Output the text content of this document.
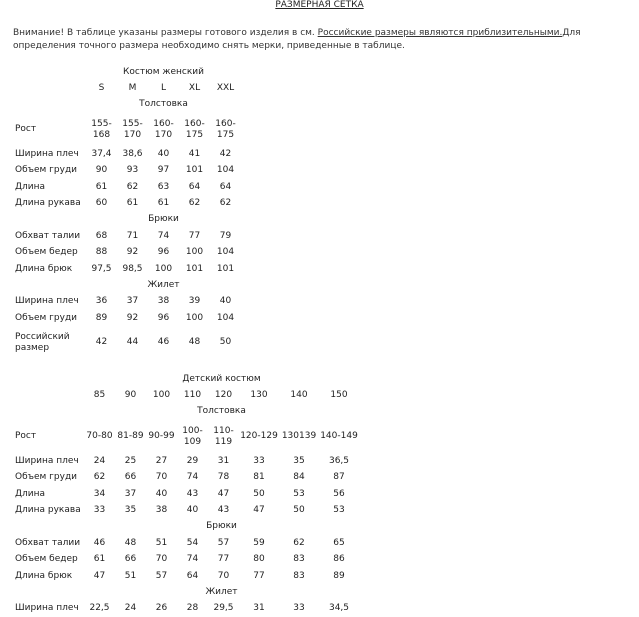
РАЗМЕРНАЯ СЕТКА
Внимание! В таблице указаны размеры готового изделия в см. Российские размеры являются приблизительными.Для определения точного размера необходимо снять мерки, приведенные в таблице.
	Костюм женский				
	S	M	L	XL	XXL
	Толстовка				
Рост	155-168	155-170	160-170	160-175	160-175
Ширина плеч	37,4	38,6	40	41	42
Объем груди	90	93	97	101	104
Длина	61	62	63	64	64
Длина рукава	60	61	61	62	62
	Брюки				
Обхват талии	68	71	74	77	79
Объем бедер	88	92	96	100	104
Длина брюк	97,5	98,5	100	101	101
	Жилет				
Ширина плеч	36	37	38	39	40
Объем груди	89	92	96	100	104
Российский размер	42	44	46	48	50
	Детский костюм							
	85	90	100	110	120	130	140	150
	Толстовка							
Рост	70-80	81-89	90-99	100-109	110-119	120-129	130139	140-149
Ширина плеч	24	25	27	29	31	33	35	36,5
Объем груди	62	66	70	74	78	81	84	87
Длина	34	37	40	43	47	50	53	56
Длина рукава	33	35	38	40	43	47	50	53
	Брюки							
Обхват талии	46	48	51	54	57	59	62	65
Объем бедер	61	66	70	74	77	80	83	86
Длина брюк	47	51	57	64	70	77	83	89
	Жилет							
Ширина плеч	22,5	24	26	28	29,5	31	33	34,5
